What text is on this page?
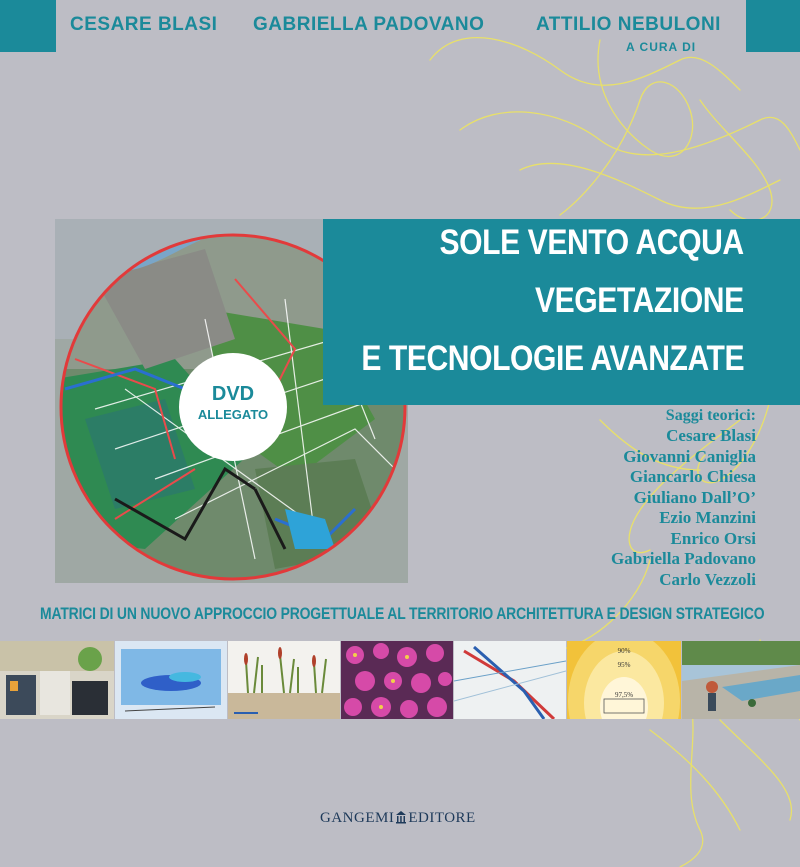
CESARE BLASI GABRIELLA PADOVANO	ATTILIO NEBULONI
A CURA DI
DVD
ALLEGATO
SOLE VENTO ACQUA
VEGETAZIONE
E TECNOLOGIE AVANZATE
Saggi teorici:
Cesare Blasi
Giovanni Caniglia
Giancarlo Chiesa
Giuliano Dall’O’
Ezio Manzini
Enrico Orsi
Gabriella Padovano
Carlo Vezzoli
MATRICI DI UN NUOVO APPROCCIO PROGETTUALE AL TERRITORIO ARCHITETTURA E DESIGN STRATEGICO
90%
95%
97,5%
GANGEMI EDITORE
